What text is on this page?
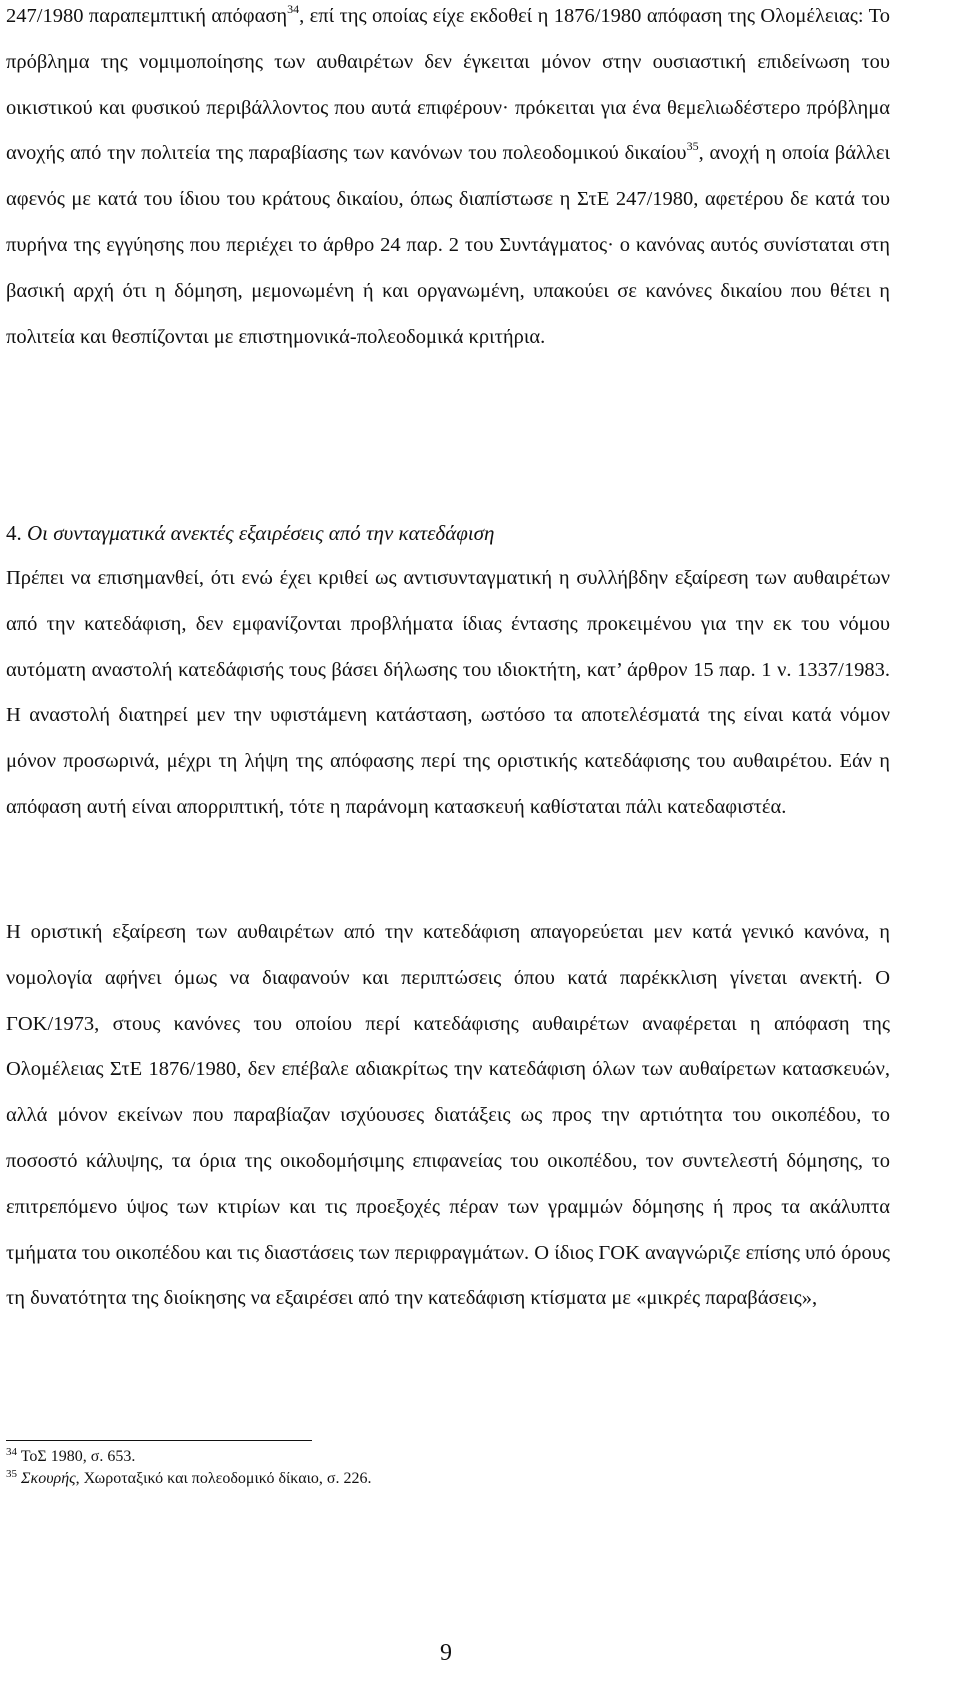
247/1980 παραπεμπτική απόφαση$^{34}$, επί της οποίας είχε εκδοθεί η 1876/1980 απόφαση της Ολομέλειας: Το πρόβλημα της νομιμοποίησης των αυθαιρέτων δεν έγκειται μόνον στην ουσιαστική επιδείνωση του οικιστικού και φυσικού περιβάλλοντος που αυτά επιφέρουν· πρόκειται για ένα θεμελιωδέστερο πρόβλημα ανοχής από την πολιτεία της παραβίασης των κανόνων του πολεοδομικού δικαίου$^{35}$, ανοχή η οποία βάλλει αφενός με κατά του ίδιου του κράτους δικαίου, όπως διαπίστωσε η ΣτΕ 247/1980, αφετέρου δε κατά του πυρήνα της εγγύησης που περιέχει το άρθρο 24 παρ. 2 του Συντάγματος· ο κανόνας αυτός συνίσταται στη βασική αρχή ότι η δόμηση, μεμονωμένη ή και οργανωμένη, υπακούει σε κανόνες δικαίου που θέτει η πολιτεία και θεσπίζονται με επιστημονικά-πολεοδομικά κριτήρια.

4. Οι συνταγματικά ανεκτές εξαιρέσεις από την κατεδάφιση

Πρέπει να επισημανθεί, ότι ενώ έχει κριθεί ως αντισυνταγματική η συλλήβδην εξαίρεση των αυθαιρέτων από την κατεδάφιση, δεν εμφανίζονται προβλήματα ίδιας έντασης προκειμένου για την εκ του νόμου αυτόματη αναστολή κατεδάφισής τους βάσει δήλωσης του ιδιοκτήτη, κατ’ άρθρον 15 παρ. 1 ν. 1337/1983. Η αναστολή διατηρεί μεν την υφιστάμενη κατάσταση, ωστόσο τα αποτελέσματά της είναι κατά νόμον μόνον προσωρινά, μέχρι τη λήψη της απόφασης περί της οριστικής κατεδάφισης του αυθαιρέτου. Εάν η απόφαση αυτή είναι απορριπτική, τότε η παράνομη κατασκευή καθίσταται πάλι κατεδαφιστέα.

Η οριστική εξαίρεση των αυθαιρέτων από την κατεδάφιση απαγορεύεται μεν κατά γενικό κανόνα, η νομολογία αφήνει όμως να διαφανούν και περιπτώσεις όπου κατά παρέκκλιση γίνεται ανεκτή. Ο ΓΟΚ/1973, στους κανόνες του οποίου περί κατεδάφισης αυθαιρέτων αναφέρεται η απόφαση της Ολομέλειας ΣτΕ 1876/1980, δεν επέβαλε αδιακρίτως την κατεδάφιση όλων των αυθαίρετων κατασκευών, αλλά μόνον εκείνων που παραβίαζαν ισχύουσες διατάξεις ως προς την αρτιότητα του οικοπέδου, το ποσοστό κάλυψης, τα όρια της οικοδομήσιμης επιφανείας του οικοπέδου, τον συντελεστή δόμησης, το επιτρεπόμενο ύψος των κτιρίων και τις προεξοχές πέραν των γραμμών δόμησης ή προς τα ακάλυπτα τμήματα του οικοπέδου και τις διαστάσεις των περιφραγμάτων. Ο ίδιος ΓΟΚ αναγνώριζε επίσης υπό όρους τη δυνατότητα της διοίκησης να εξαιρέσει από την κατεδάφιση κτίσματα με «μικρές παραβάσεις»,

$^{34}$ ΤοΣ 1980, σ. 653.

$^{35}$ Σκουρής, Χωροταξικό και πολεοδομικό δίκαιο, σ. 226.

9
